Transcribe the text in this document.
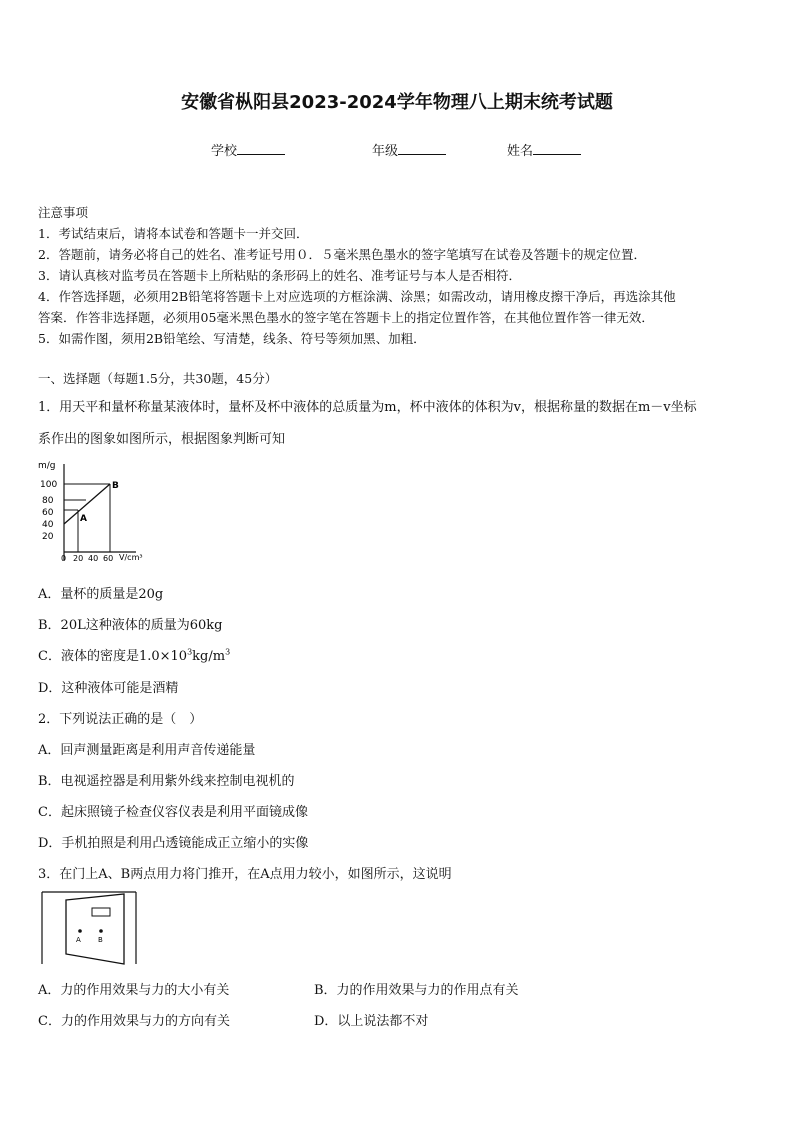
安徽省枞阳县2023-2024学年物理八上期末统考试题
学校	年级	姓名
注意事项
1．考试结束后，请将本试卷和答题卡一并交回．
2．答题前，请务必将自己的姓名、准考证号用０．５毫米黑色墨水的签字笔填写在试卷及答题卡的规定位置．
3．请认真核对监考员在答题卡上所粘贴的条形码上的姓名、准考证号与本人是否相符．
4．作答选择题，必须用2B铅笔将答题卡上对应选项的方框涂满、涂黑；如需改动，请用橡皮擦干净后，再选涂其他
答案．作答非选择题，必须用05毫米黑色墨水的签字笔在答题卡上的指定位置作答，在其他位置作答一律无效．
5．如需作图，须用2B铅笔绘、写清楚，线条、符号等须加黑、加粗．
一、选择题（每题1.5分，共30题，45分）
1．用天平和量杯称量某液体时，量杯及杯中液体的总质量为m，杯中液体的体积为v，根据称量的数据在m－v坐标
系作出的图象如图所示，根据图象判断可知
m/g
100
80
60
40
20
A
B
0 20 40 60 V/cm³
A．量杯的质量是20g
B．20L这种液体的质量为60kg
C．液体的密度是$1.0\times 10^3kg/m^3$
D．这种液体可能是酒精
2．下列说法正确的是（　）
A．回声测量距离是利用声音传递能量
B．电视遥控器是利用紫外线来控制电视机的
C．起床照镜子检查仪容仪表是利用平面镜成像
D．手机拍照是利用凸透镜能成正立缩小的实像
3．在门上A、B两点用力将门推开，在A点用力较小，如图所示，这说明
A B
A．力的作用效果与力的大小有关	B．力的作用效果与力的作用点有关
C．力的作用效果与力的方向有关	D．以上说法都不对
